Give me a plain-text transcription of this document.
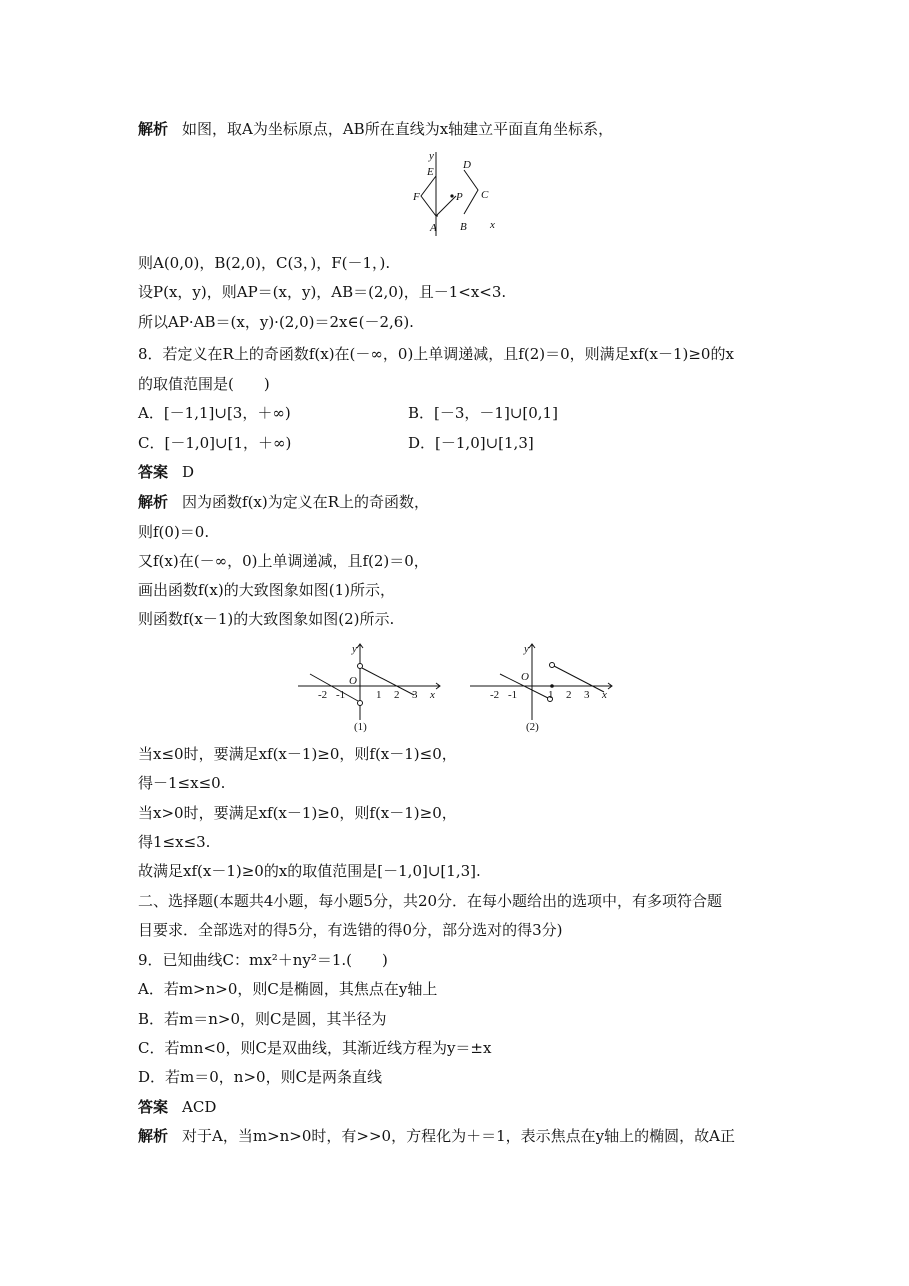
解析 如图，取A为坐标原点，AB所在直线为x轴建立平面直角坐标系，
y
E
F	P
A
D
C
B x
则A(0,0)，B(2,0)，C(3，)，F(－1，).
设P(x，y)，则AP＝(x，y)，AB＝(2,0)，且－1<x<3.
所以AP·AB＝(x，y)·(2,0)＝2x∈(－2,6).
8．若定义在R上的奇函数f(x)在(－∞，0)上单调递减，且f(2)＝0，则满足xf(x－1)≥0的x
的取值范围是(　　)
A．[－1,1]∪[3，＋∞)	B．[－3，－1]∪[0,1]
C．[－1,0]∪[1，＋∞)	D．[－1,0]∪[1,3]
答案 D
解析 因为函数f(x)为定义在R上的奇函数，
则f(0)＝0.
又f(x)在(－∞，0)上单调递减，且f(2)＝0，
画出函数f(x)的大致图象如图(1)所示，
则函数f(x－1)的大致图象如图(2)所示.
y
O
-2 -1	1 2 3 x
(1)
y
O
-2 -1	1 2 3 x
(2)
当x≤0时，要满足xf(x－1)≥0，则f(x－1)≤0，
得－1≤x≤0.
当x>0时，要满足xf(x－1)≥0，则f(x－1)≥0，
得1≤x≤3.
故满足xf(x－1)≥0的x的取值范围是[－1,0]∪[1,3].
二、选择题(本题共4小题，每小题5分，共20分．在每小题给出的选项中，有多项符合题
目要求．全部选对的得5分，有选错的得0分，部分选对的得3分)
9．已知曲线C：mx²＋ny²＝1.(　　)
A．若m>n>0，则C是椭圆，其焦点在y轴上
B．若m＝n>0，则C是圆，其半径为
C．若mn<0，则C是双曲线，其渐近线方程为y＝±x
D．若m＝0，n>0，则C是两条直线
答案 ACD
解析 对于A，当m>n>0时，有>>0，方程化为＋＝1，表示焦点在y轴上的椭圆，故A正
